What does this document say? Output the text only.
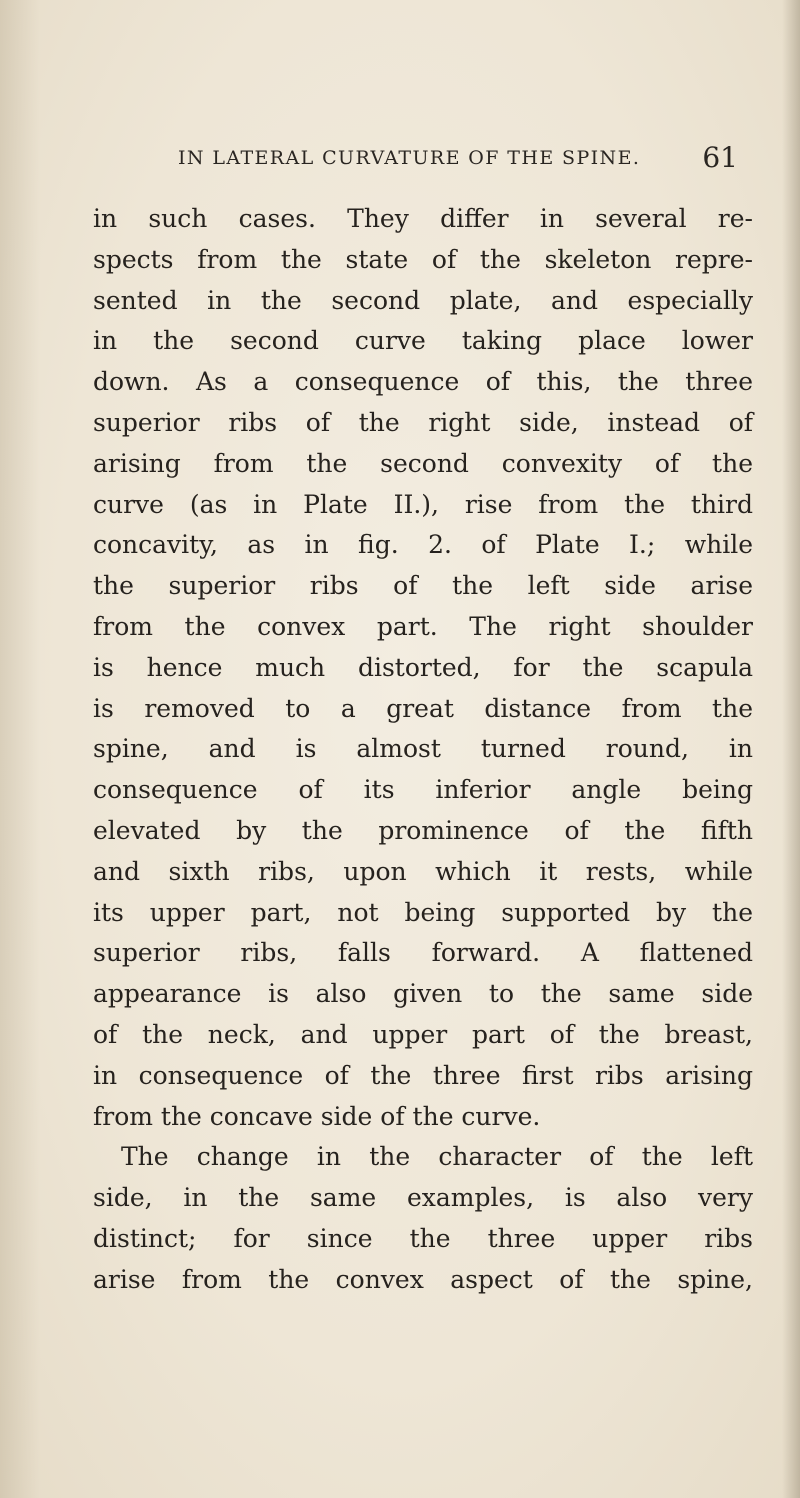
IN LATERAL CURVATURE OF THE SPINE. 61
in such cases. They differ in several re-
spects from the state of the skeleton repre-
sented in the second plate, and especially
in the second curve taking place lower
down. As a consequence of this, the three
superior ribs of the right side, instead of
arising from the second convexity of the
curve (as in Plate II.), rise from the third
concavity, as in fig. 2. of Plate I.; while
the superior ribs of the left side arise
from the convex part. The right shoulder
is hence much distorted, for the scapula
is removed to a great distance from the
spine, and is almost turned round, in
consequence of its inferior angle being
elevated by the prominence of the fifth
and sixth ribs, upon which it rests, while
its upper part, not being supported by the
superior ribs, falls forward. A flattened
appearance is also given to the same side
of the neck, and upper part of the breast,
in consequence of the three first ribs arising
from the concave side of the curve.
The change in the character of the left
side, in the same examples, is also very
distinct; for since the three upper ribs
arise from the convex aspect of the spine,
